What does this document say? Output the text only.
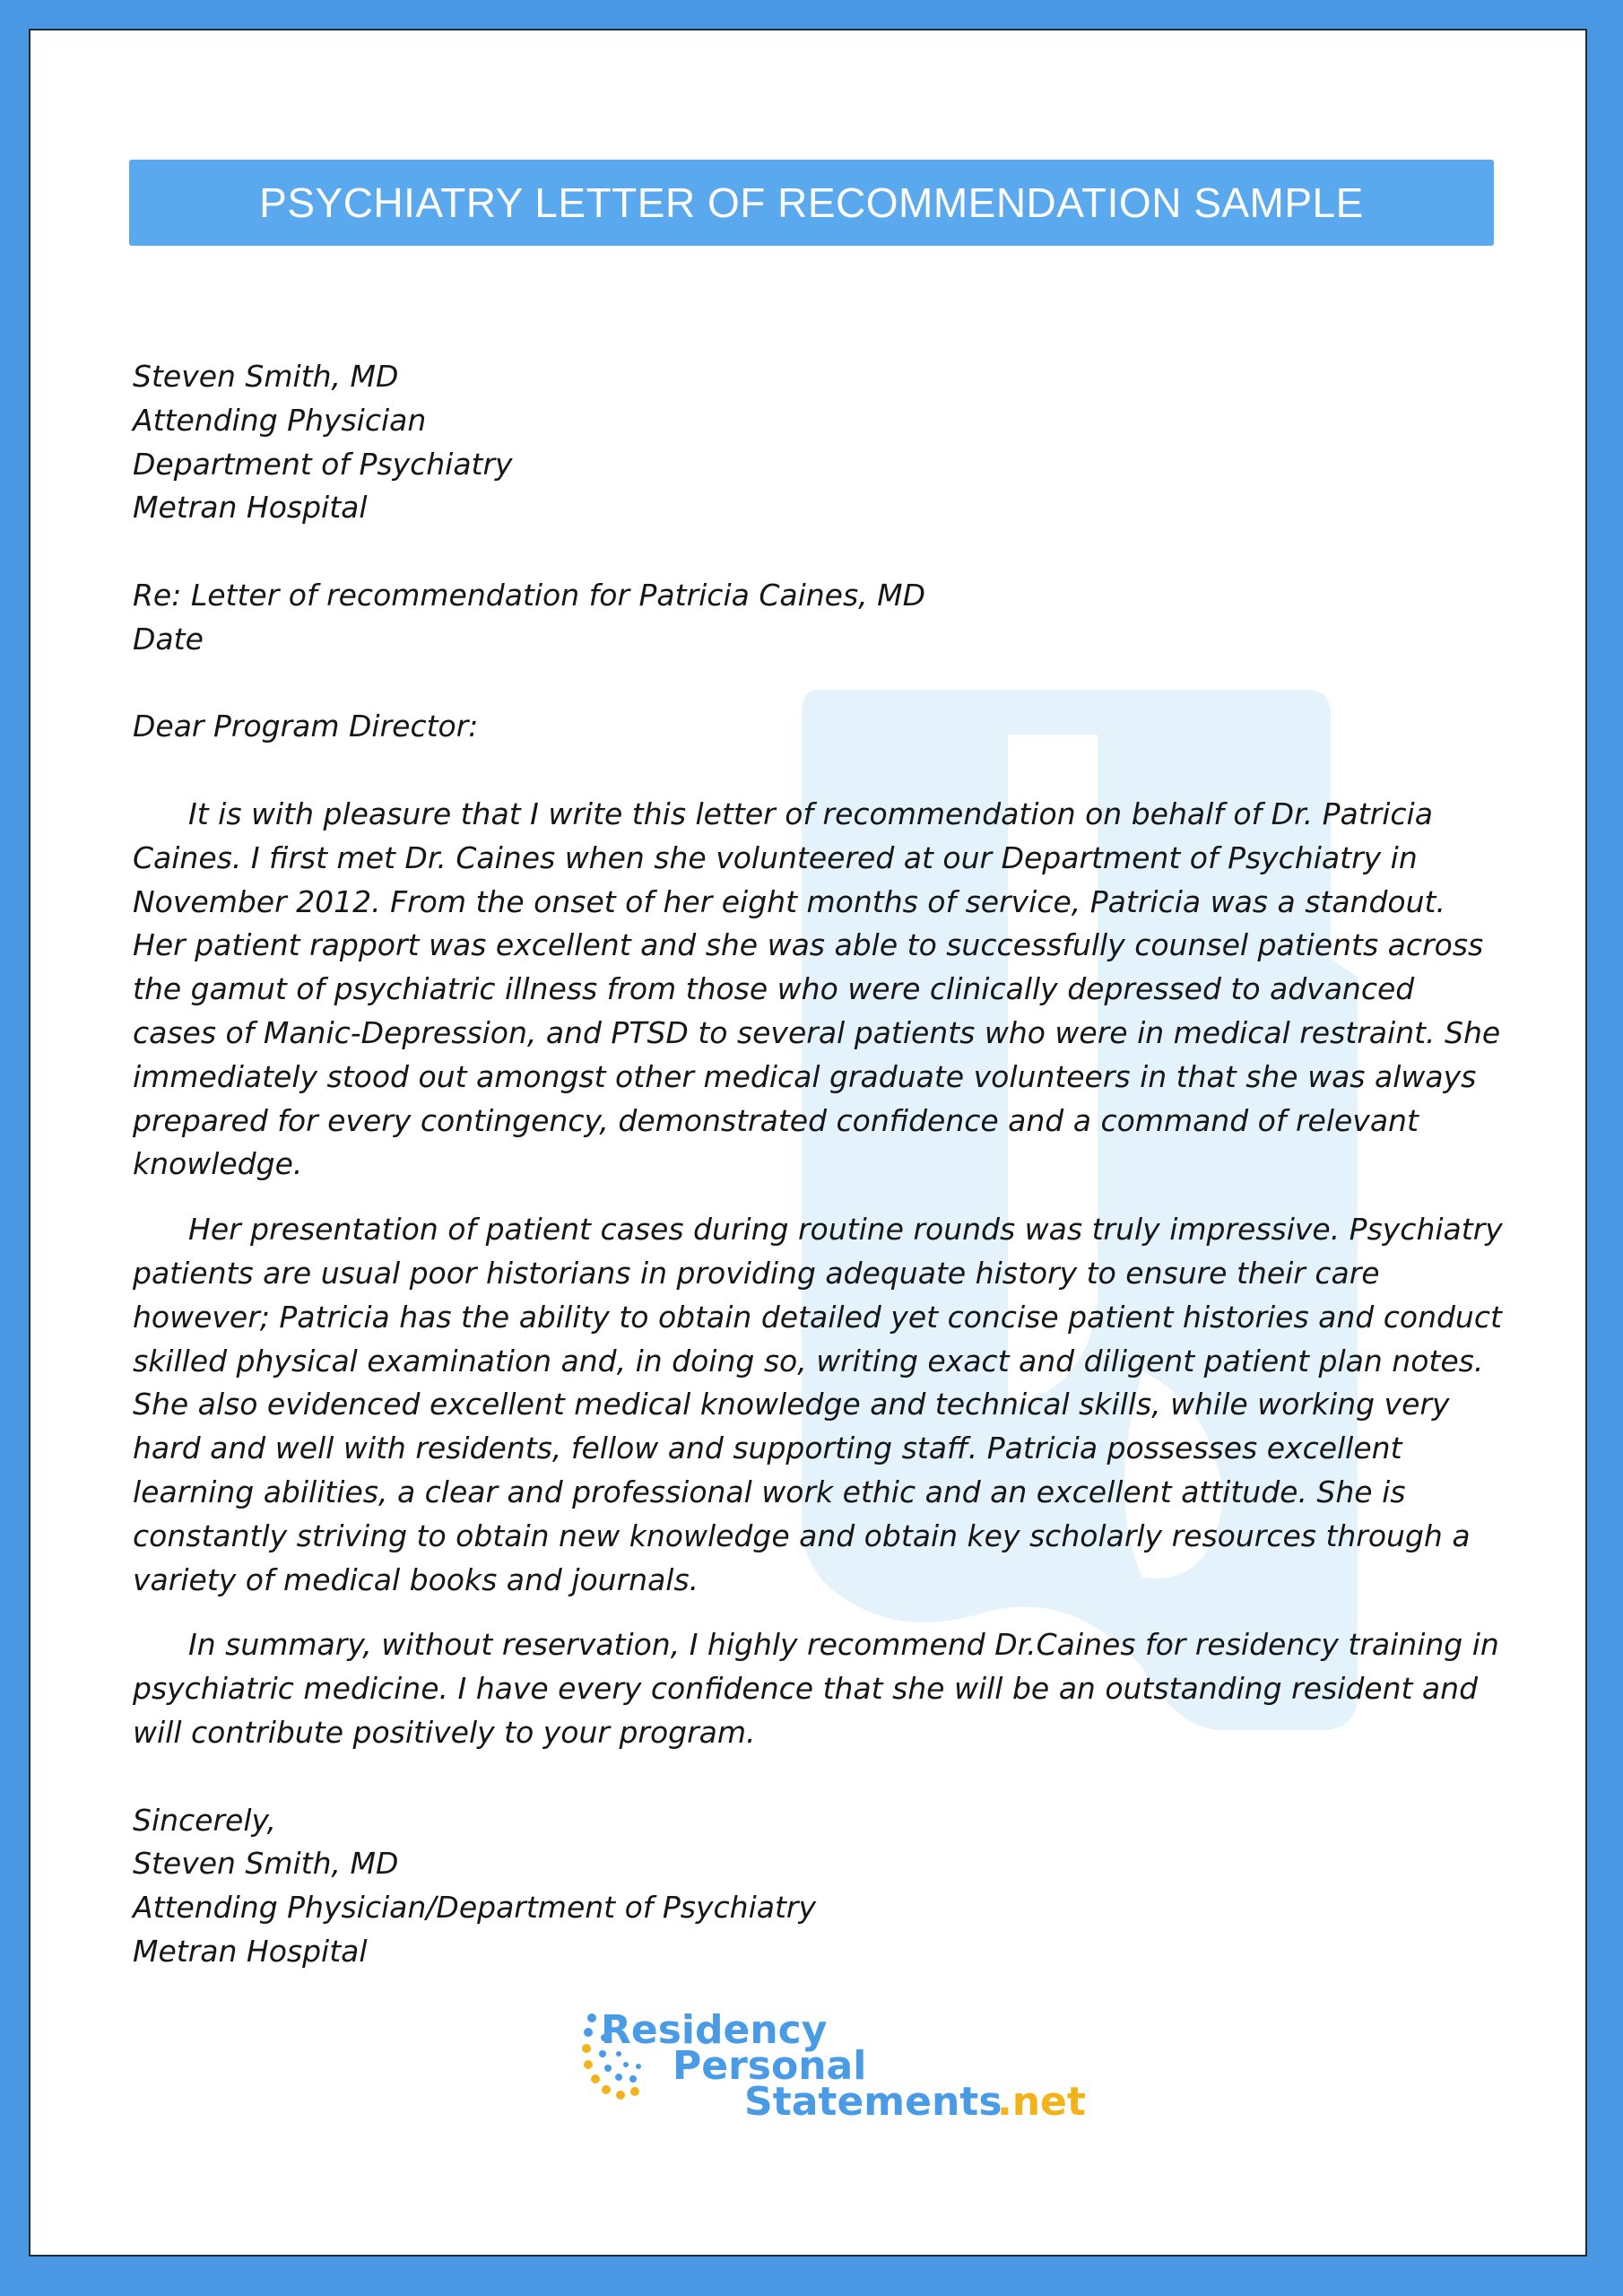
PSYCHIATRY LETTER OF RECOMMENDATION SAMPLE
Steven Smith, MD
Attending Physician
Department of Psychiatry
Metran Hospital
Re: Letter of recommendation for Patricia Caines, MD
Date
Dear Program Director:

It is with pleasure that I write this letter of recommendation on behalf of Dr. Patricia Caines. I first met Dr. Caines when she volunteered at our Department of Psychiatry in November 2012. From the onset of her eight months of service, Patricia was a standout. Her patient rapport was excellent and she was able to successfully counsel patients across the gamut of psychiatric illness from those who were clinically depressed to advanced cases of Manic-Depression, and PTSD to several patients who were in medical restraint. She immediately stood out amongst other medical graduate volunteers in that she was always prepared for every contingency, demonstrated confidence and a command of relevant knowledge.

Her presentation of patient cases during routine rounds was truly impressive. Psychiatry patients are usual poor historians in providing adequate history to ensure their care however; Patricia has the ability to obtain detailed yet concise patient histories and conduct skilled physical examination and, in doing so, writing exact and diligent patient plan notes. She also evidenced excellent medical knowledge and technical skills, while working very hard and well with residents, fellow and supporting staff. Patricia possesses excellent learning abilities, a clear and professional work ethic and an excellent attitude. She is constantly striving to obtain new knowledge and obtain key scholarly resources through a variety of medical books and journals.

In summary, without reservation, I highly recommend Dr.Caines for residency training in psychiatric medicine. I have every confidence that she will be an outstanding resident and will contribute positively to your program.

Sincerely,
Steven Smith, MD
Attending Physician/Department of Psychiatry
Metran Hospital
Residency
Personal
Statements
.net
